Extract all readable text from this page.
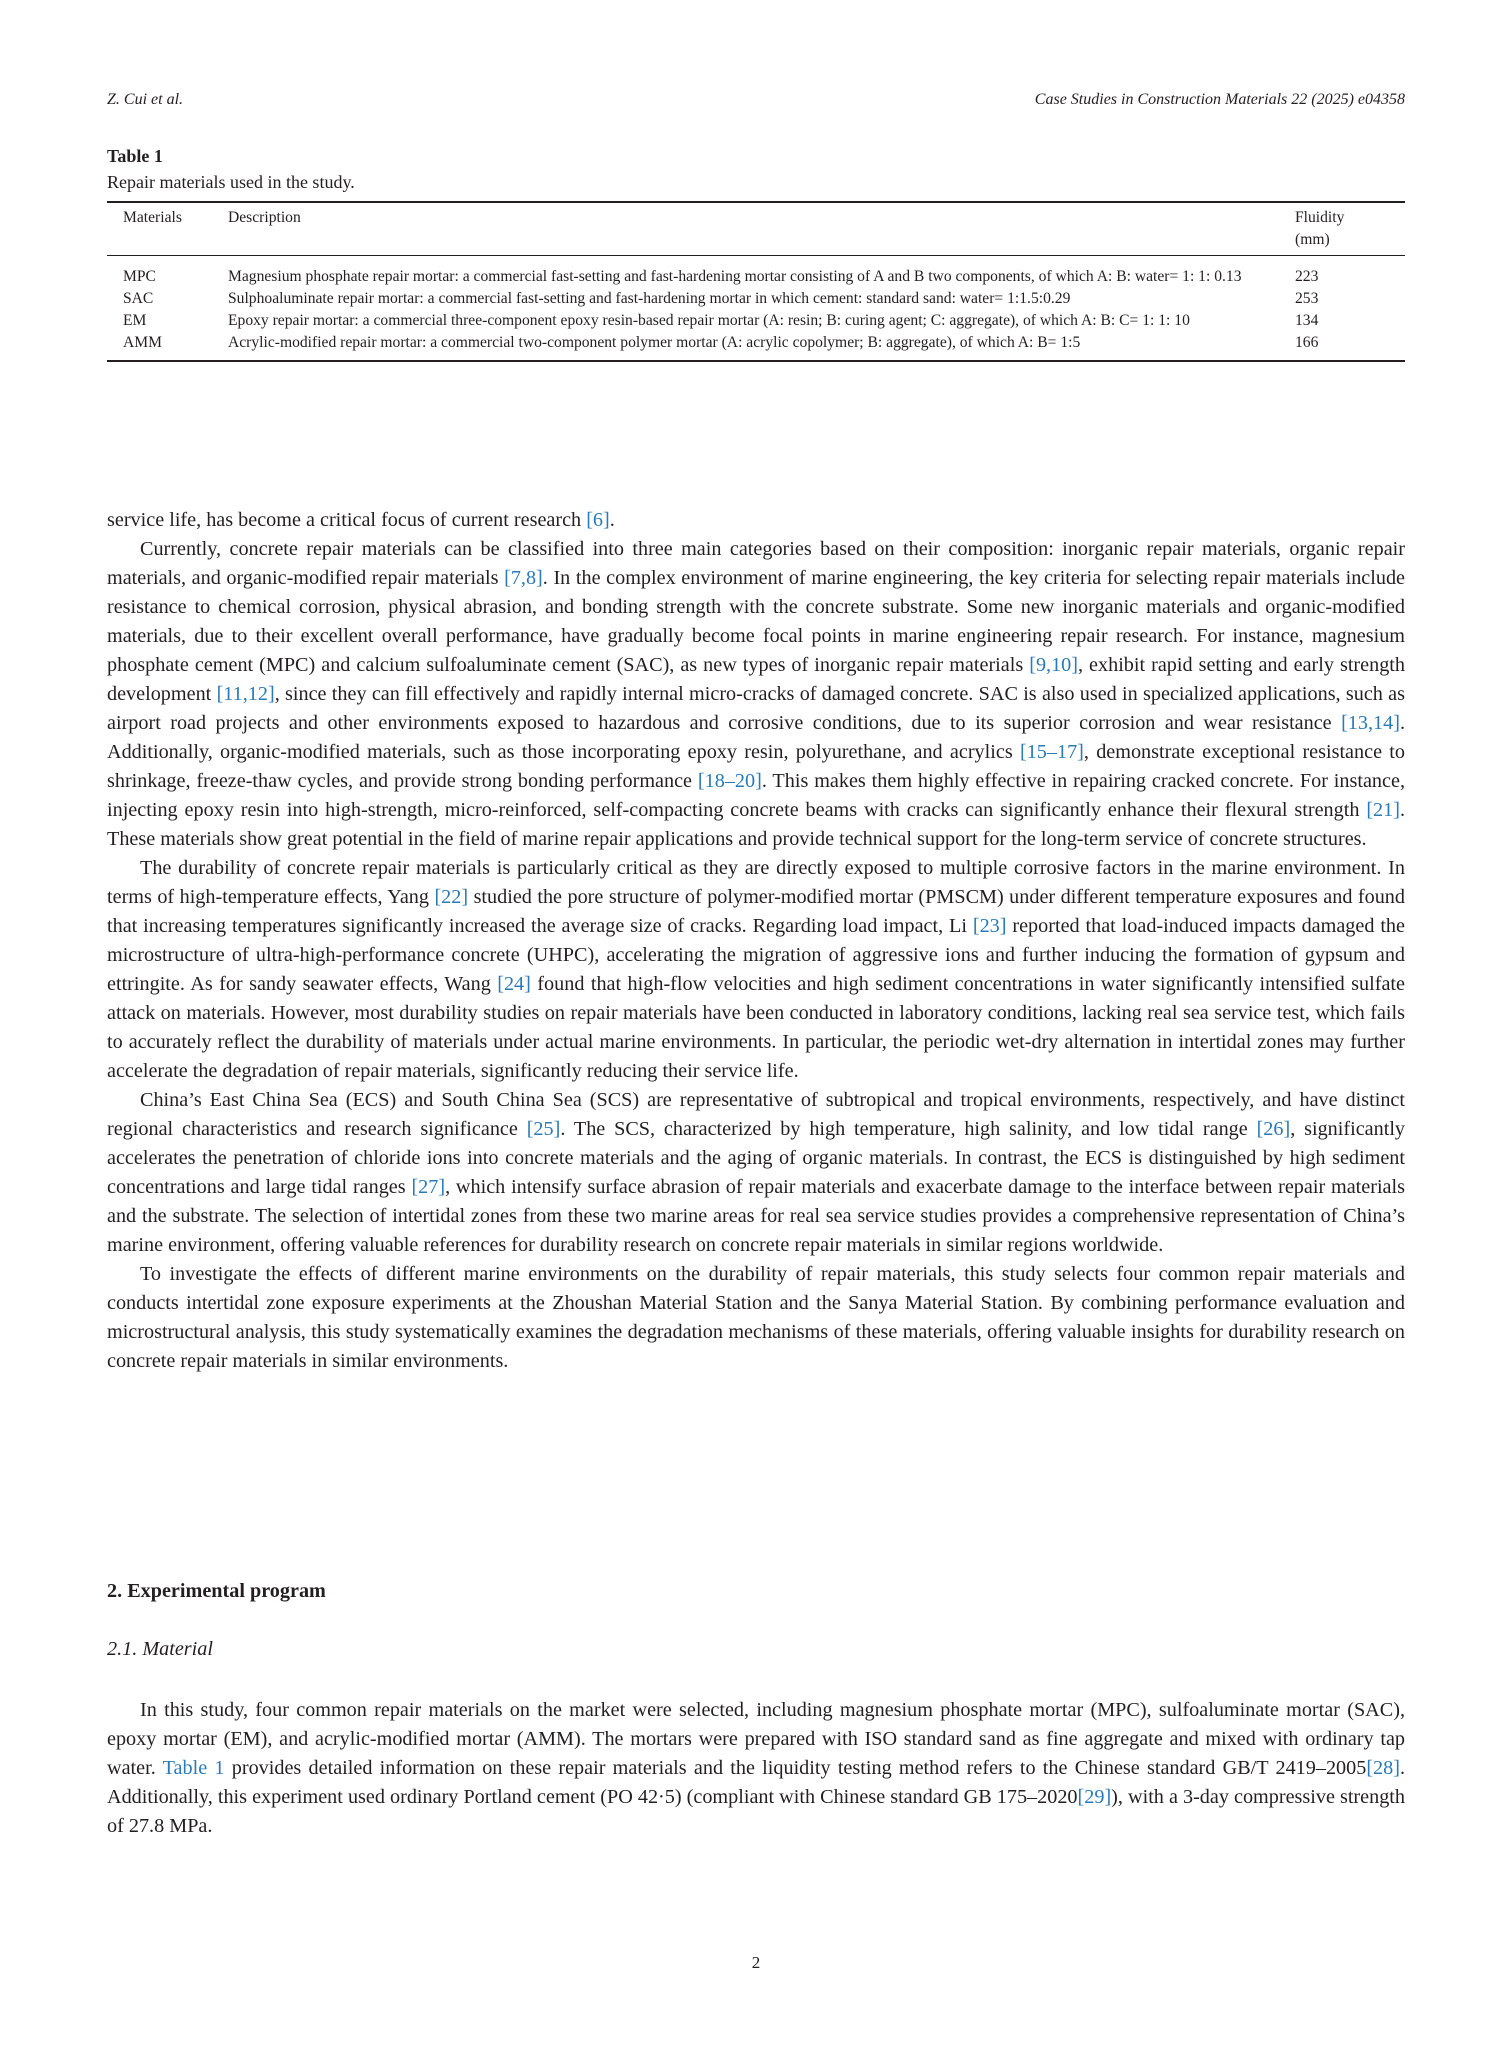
Z. Cui et al.	Case Studies in Construction Materials 22 (2025) e04358
Table 1
Repair materials used in the study.
Materials	Description	Fluidity
(mm)
MPC	Magnesium phosphate repair mortar: a commercial fast-setting and fast-hardening mortar consisting of A and B two components, of which A: B: water= 1: 1: 0.13	223
SAC	Sulphoaluminate repair mortar: a commercial fast-setting and fast-hardening mortar in which cement: standard sand: water= 1:1.5:0.29	253
EM	Epoxy repair mortar: a commercial three-component epoxy resin-based repair mortar (A: resin; B: curing agent; C: aggregate), of which A: B: C= 1: 1: 10	134
AMM	Acrylic-modified repair mortar: a commercial two-component polymer mortar (A: acrylic copolymer; B: aggregate), of which A: B= 1:5	166

service life, has become a critical focus of current research [6].

Currently, concrete repair materials can be classified into three main categories based on their composition: inorganic repair materials, organic repair materials, and organic-modified repair materials [7,8]. In the complex environment of marine engineering, the key criteria for selecting repair materials include resistance to chemical corrosion, physical abrasion, and bonding strength with the concrete substrate. Some new inorganic materials and organic-modified materials, due to their excellent overall performance, have gradually become focal points in marine engineering repair research. For instance, magnesium phosphate cement (MPC) and calcium sulfoaluminate cement (SAC), as new types of inorganic repair materials [9,10], exhibit rapid setting and early strength development [11,12], since they can fill effectively and rapidly internal micro-cracks of damaged concrete. SAC is also used in specialized applications, such as airport road projects and other environments exposed to hazardous and corrosive conditions, due to its superior corrosion and wear resistance [13,14]. Additionally, organic-modified materials, such as those incorporating epoxy resin, polyurethane, and acrylics [15–17], demonstrate exceptional resistance to shrinkage, freeze-thaw cycles, and provide strong bonding performance [18–20]. This makes them highly effective in repairing cracked concrete. For instance, injecting epoxy resin into high-strength, micro-reinforced, self-compacting concrete beams with cracks can significantly enhance their flexural strength [21]. These materials show great potential in the field of marine repair applications and provide technical support for the long-term service of concrete structures.

The durability of concrete repair materials is particularly critical as they are directly exposed to multiple corrosive factors in the marine environment. In terms of high-temperature effects, Yang [22] studied the pore structure of polymer-modified mortar (PMSCM) under different temperature exposures and found that increasing temperatures significantly increased the average size of cracks. Regarding load impact, Li [23] reported that load-induced impacts damaged the microstructure of ultra-high-performance concrete (UHPC), accelerating the migration of aggressive ions and further inducing the formation of gypsum and ettringite. As for sandy seawater effects, Wang [24] found that high-flow velocities and high sediment concentrations in water significantly intensified sulfate attack on materials. However, most durability studies on repair materials have been conducted in laboratory conditions, lacking real sea service test, which fails to accurately reflect the durability of materials under actual marine environments. In particular, the periodic wet-dry alternation in intertidal zones may further accelerate the degradation of repair materials, significantly reducing their service life.

China’s East China Sea (ECS) and South China Sea (SCS) are representative of subtropical and tropical environments, respectively, and have distinct regional characteristics and research significance [25]. The SCS, characterized by high temperature, high salinity, and low tidal range [26], significantly accelerates the penetration of chloride ions into concrete materials and the aging of organic materials. In contrast, the ECS is distinguished by high sediment concentrations and large tidal ranges [27], which intensify surface abrasion of repair materials and exacerbate damage to the interface between repair materials and the substrate. The selection of intertidal zones from these two marine areas for real sea service studies provides a comprehensive representation of China’s marine environment, offering valuable references for durability research on concrete repair materials in similar regions worldwide.

To investigate the effects of different marine environments on the durability of repair materials, this study selects four common repair materials and conducts intertidal zone exposure experiments at the Zhoushan Material Station and the Sanya Material Station. By combining performance evaluation and microstructural analysis, this study systematically examines the degradation mechanisms of these materials, offering valuable insights for durability research on concrete repair materials in similar environments.

2. Experimental program
2.1. Material

In this study, four common repair materials on the market were selected, including magnesium phosphate mortar (MPC), sulfoaluminate mortar (SAC), epoxy mortar (EM), and acrylic-modified mortar (AMM). The mortars were prepared with ISO standard sand as fine aggregate and mixed with ordinary tap water. Table 1 provides detailed information on these repair materials and the liquidity testing method refers to the Chinese standard GB/T 2419–2005[28]. Additionally, this experiment used ordinary Portland cement (PO 42·5) (compliant with Chinese standard GB 175–2020[29]), with a 3-day compressive strength of 27.8 MPa.

2
